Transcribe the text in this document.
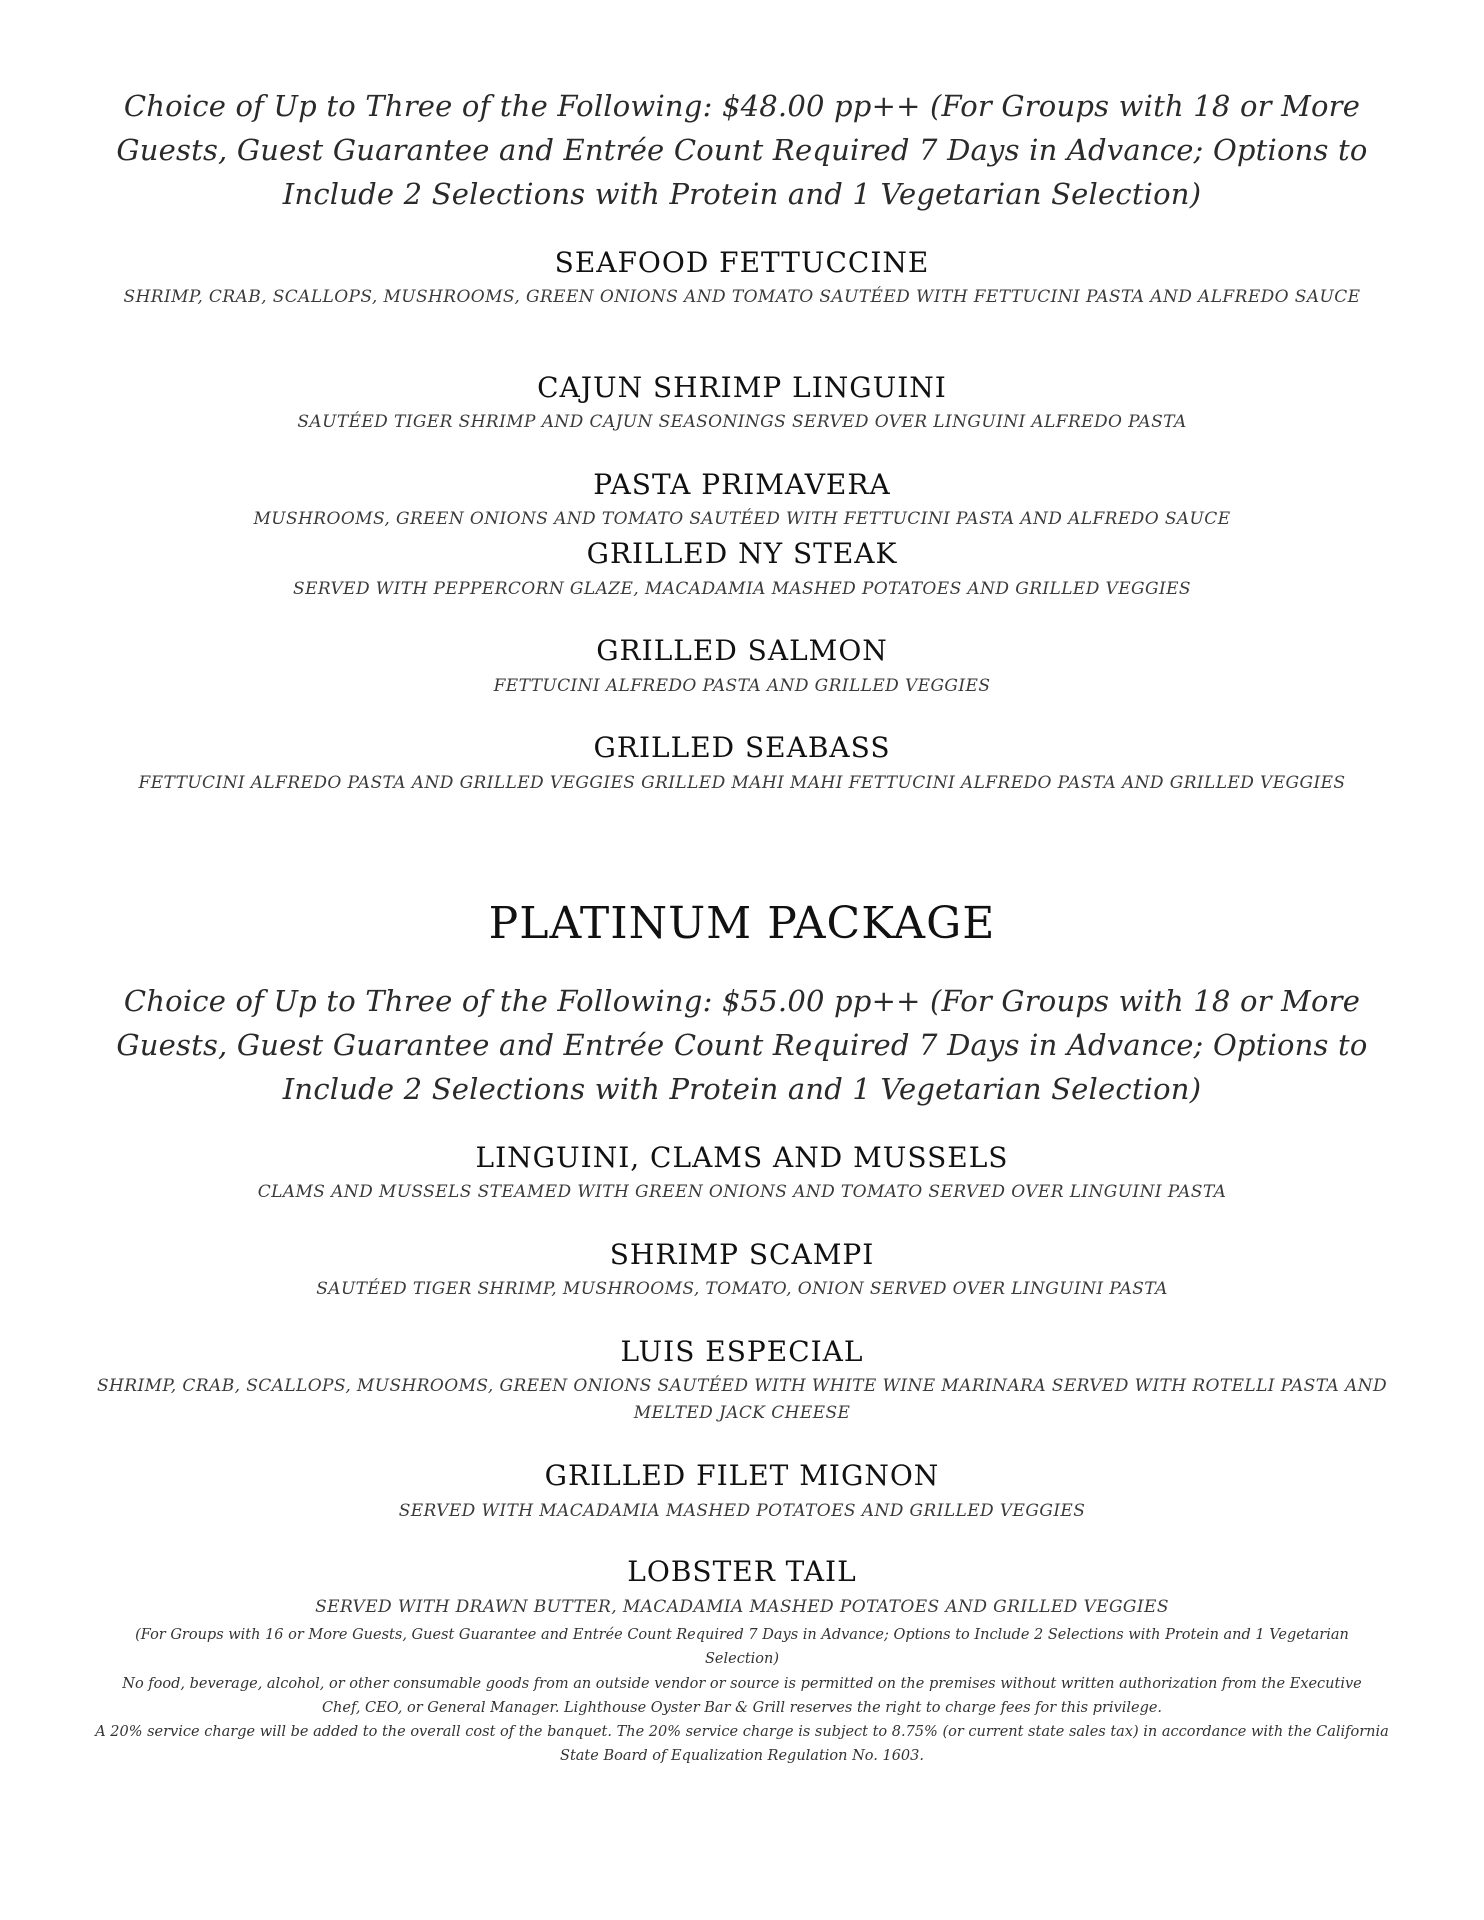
Choice of Up to Three of the Following: $48.00 pp++ (For Groups with 18 or More Guests, Guest Guarantee and Entrée Count Required 7 Days in Advance; Options to Include 2 Selections with Protein and 1 Vegetarian Selection)
SEAFOOD FETTUCCINE
SHRIMP, CRAB, SCALLOPS, MUSHROOMS, GREEN ONIONS AND TOMATO SAUTÉED WITH FETTUCINI PASTA AND ALFREDO SAUCE
CAJUN SHRIMP LINGUINI
SAUTÉED TIGER SHRIMP AND CAJUN SEASONINGS SERVED OVER LINGUINI ALFREDO PASTA
PASTA PRIMAVERA
MUSHROOMS, GREEN ONIONS AND TOMATO SAUTÉED WITH FETTUCINI PASTA AND ALFREDO SAUCE
GRILLED NY STEAK
SERVED WITH PEPPERCORN GLAZE, MACADAMIA MASHED POTATOES AND GRILLED VEGGIES
GRILLED SALMON
FETTUCINI ALFREDO PASTA AND GRILLED VEGGIES
GRILLED SEABASS
FETTUCINI ALFREDO PASTA AND GRILLED VEGGIES GRILLED MAHI MAHI FETTUCINI ALFREDO PASTA AND GRILLED VEGGIES
PLATINUM PACKAGE
Choice of Up to Three of the Following: $55.00 pp++ (For Groups with 18 or More Guests, Guest Guarantee and Entrée Count Required 7 Days in Advance; Options to Include 2 Selections with Protein and 1 Vegetarian Selection)
LINGUINI, CLAMS AND MUSSELS
CLAMS AND MUSSELS STEAMED WITH GREEN ONIONS AND TOMATO SERVED OVER LINGUINI PASTA
SHRIMP SCAMPI
SAUTÉED TIGER SHRIMP, MUSHROOMS, TOMATO, ONION SERVED OVER LINGUINI PASTA
LUIS ESPECIAL
SHRIMP, CRAB, SCALLOPS, MUSHROOMS, GREEN ONIONS SAUTÉED WITH WHITE WINE MARINARA SERVED WITH ROTELLI PASTA AND MELTED JACK CHEESE
GRILLED FILET MIGNON
SERVED WITH MACADAMIA MASHED POTATOES AND GRILLED VEGGIES
LOBSTER TAIL
SERVED WITH DRAWN BUTTER, MACADAMIA MASHED POTATOES AND GRILLED VEGGIES
(For Groups with 16 or More Guests, Guest Guarantee and Entrée Count Required 7 Days in Advance; Options to Include 2 Selections with Protein and 1 Vegetarian Selection)
No food, beverage, alcohol, or other consumable goods from an outside vendor or source is permitted on the premises without written authorization from the Executive Chef, CEO, or General Manager. Lighthouse Oyster Bar & Grill reserves the right to charge fees for this privilege.
A 20% service charge will be added to the overall cost of the banquet. The 20% service charge is subject to 8.75% (or current state sales tax) in accordance with the California State Board of Equalization Regulation No. 1603.
